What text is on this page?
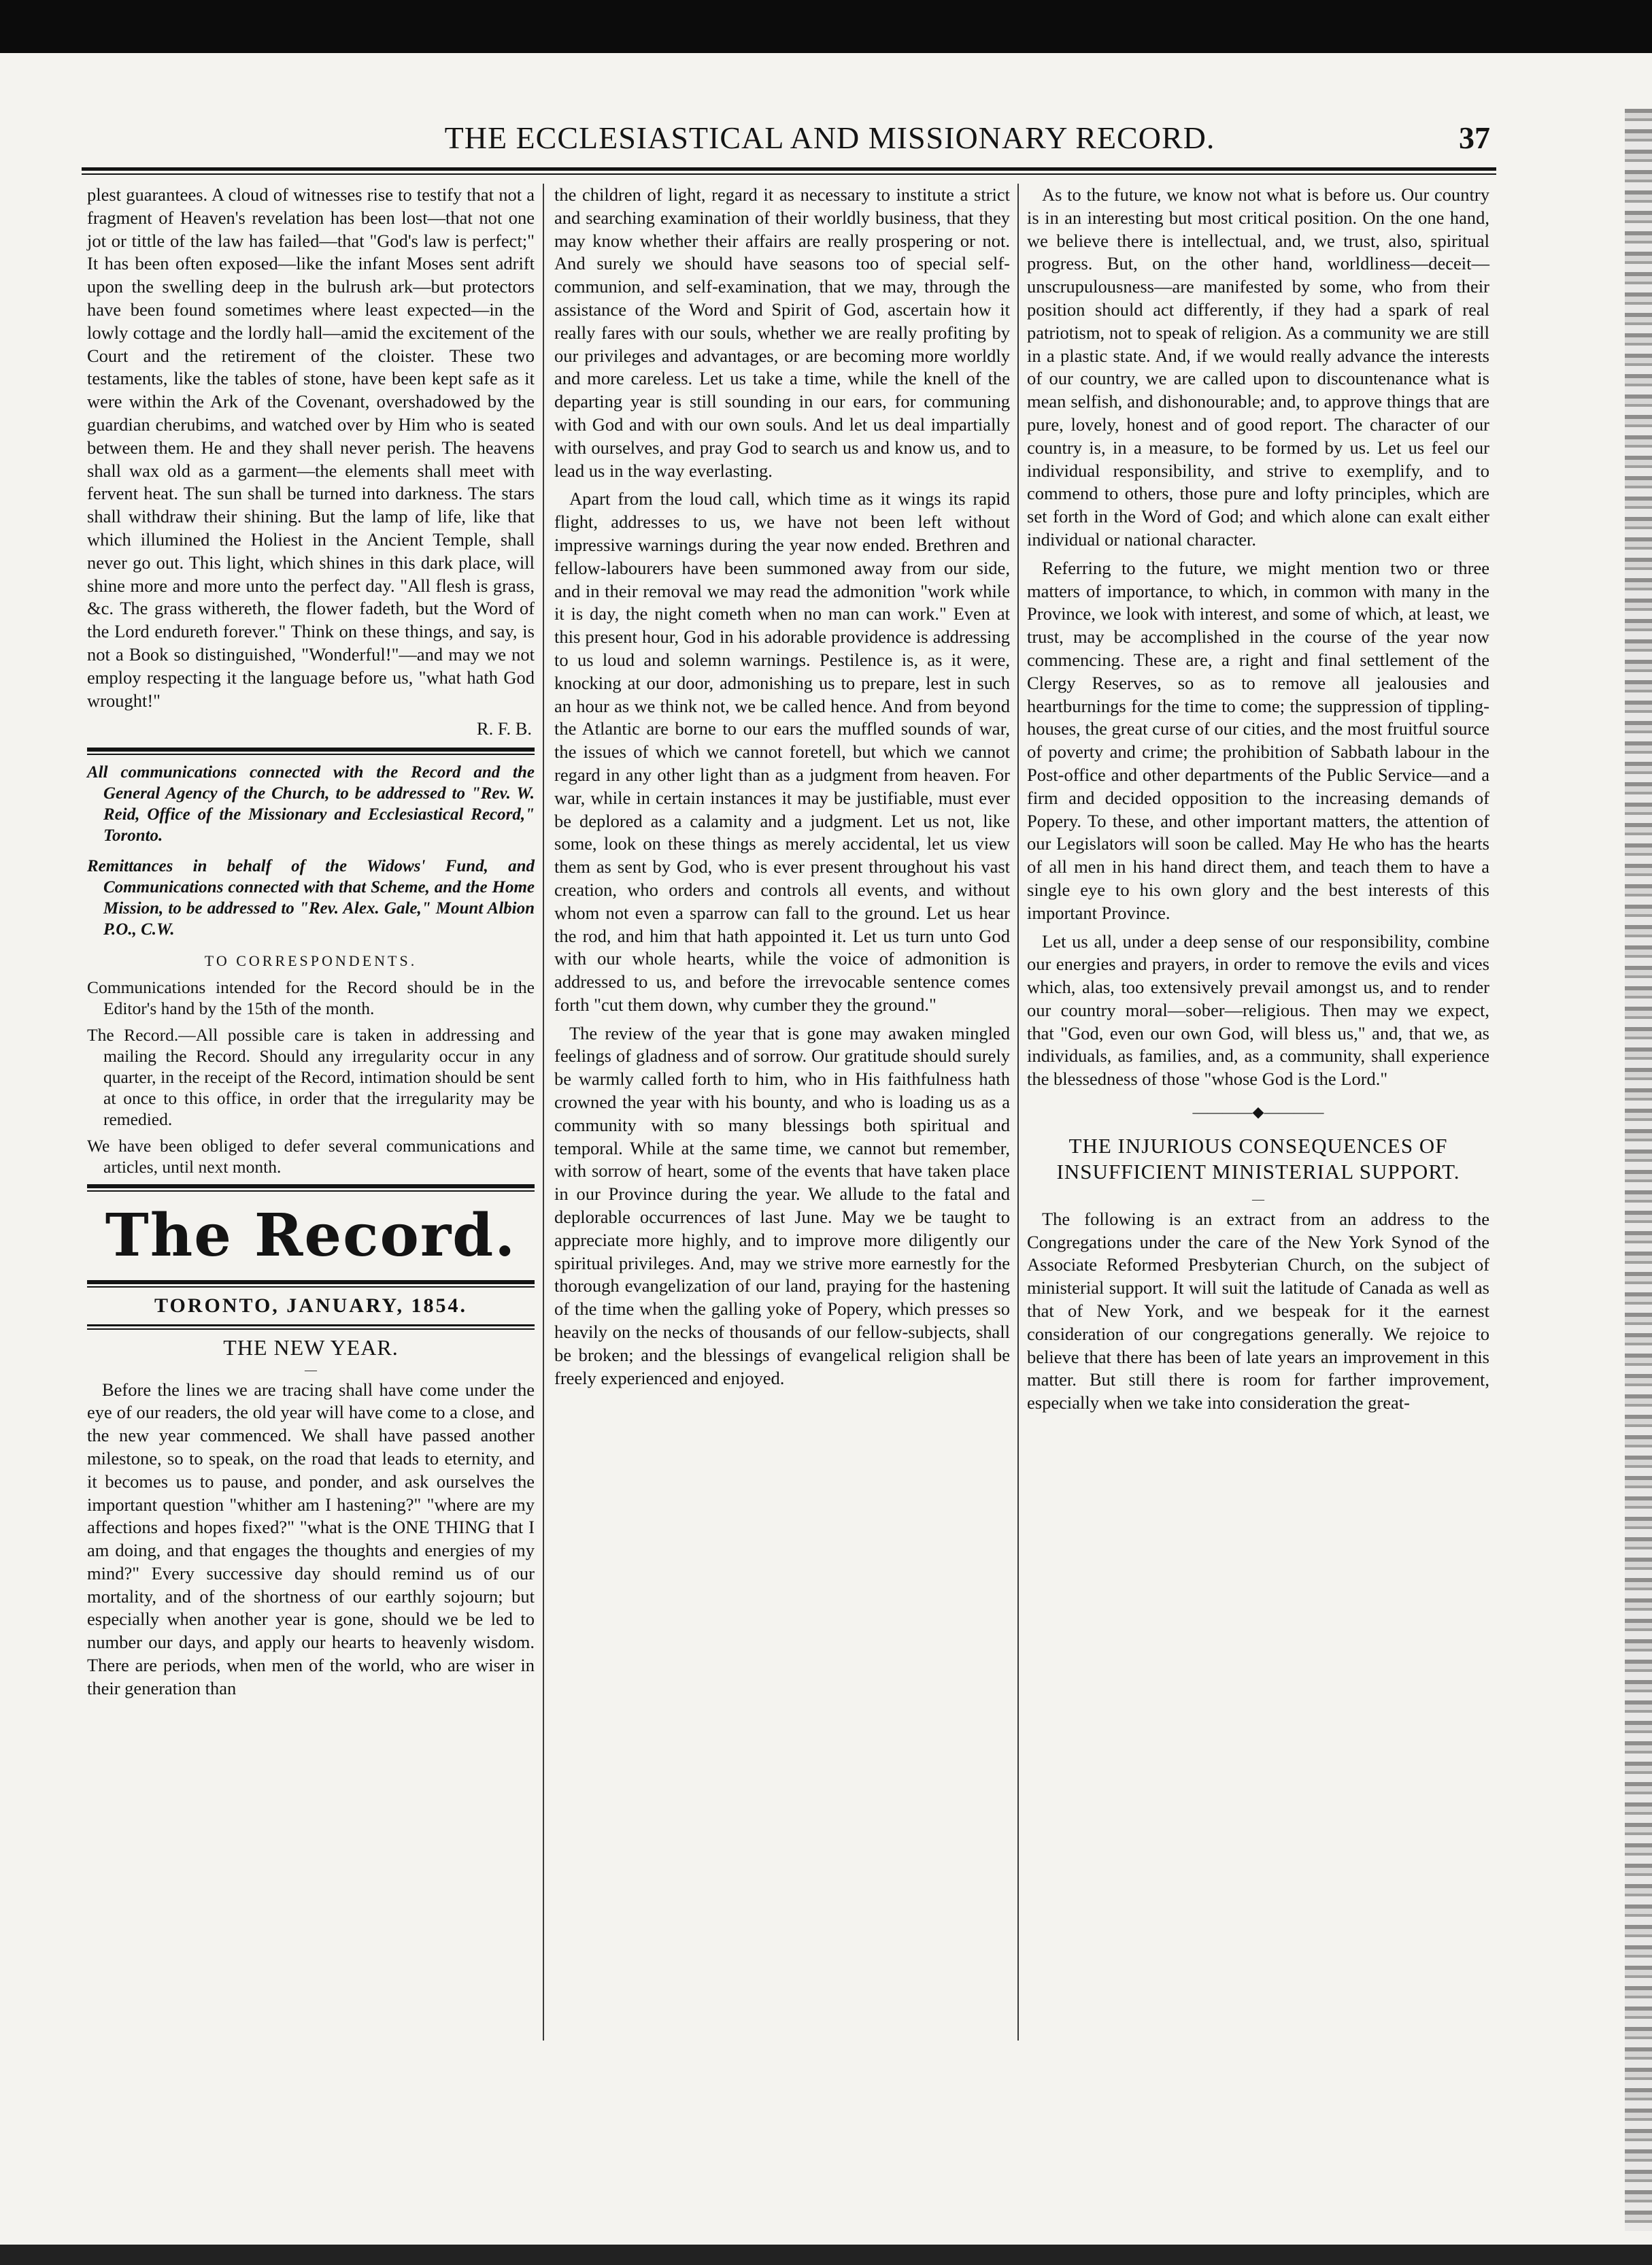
THE ECCLESIASTICAL AND MISSIONARY RECORD.	37

plest guarantees. A cloud of witnesses rise to testify that not a fragment of Heaven's revelation has been lost—that not one jot or tittle of the law has failed—that "God's law is perfect;" It has been often exposed—like the infant Moses sent adrift upon the swelling deep in the bulrush ark—but protectors have been found sometimes where least expected—in the lowly cottage and the lordly hall—amid the excitement of the Court and the retirement of the cloister. These two testaments, like the tables of stone, have been kept safe as it were within the Ark of the Covenant, overshadowed by the guardian cherubims, and watched over by Him who is seated between them. He and they shall never perish. The heavens shall wax old as a garment—the elements shall meet with fervent heat. The sun shall be turned into darkness. The stars shall withdraw their shining. But the lamp of life, like that which illumined the Holiest in the Ancient Temple, shall never go out. This light, which shines in this dark place, will shine more and more unto the perfect day. "All flesh is grass, &c. The grass withereth, the flower fadeth, but the Word of the Lord endureth forever." Think on these things, and say, is not a Book so distinguished, "Wonderful!"—and may we not employ respecting it the language before us, "what hath God wrought!"

R. F. B.
All communications connected with the Record and the General Agency of the Church, to be addressed to "Rev. W. Reid, Office of the Missionary and Ecclesiastical Record," Toronto.
Remittances in behalf of the Widows' Fund, and Communications connected with that Scheme, and the Home Mission, to be addressed to "Rev. Alex. Gale," Mount Albion P.O., C.W.
TO CORRESPONDENTS.
Communications intended for the Record should be in the Editor's hand by the 15th of the month.
The Record.—All possible care is taken in addressing and mailing the Record. Should any irregularity occur in any quarter, in the receipt of the Record, intimation should be sent at once to this office, in order that the irregularity may be remedied.
We have been obliged to defer several communications and articles, until next month.
The Record.
TORONTO, JANUARY, 1854.
THE NEW YEAR.
—

Before the lines we are tracing shall have come under the eye of our readers, the old year will have come to a close, and the new year commenced. We shall have passed another milestone, so to speak, on the road that leads to eternity, and it becomes us to pause, and ponder, and ask ourselves the important question "whither am I hastening?" "where are my affections and hopes fixed?" "what is the ONE THING that I am doing, and that engages the thoughts and energies of my mind?" Every successive day should remind us of our mortality, and of the shortness of our earthly sojourn; but especially when another year is gone, should we be led to number our days, and apply our hearts to heavenly wisdom. There are periods, when men of the world, who are wiser in their generation than

the children of light, regard it as necessary to institute a strict and searching examination of their worldly business, that they may know whether their affairs are really prospering or not. And surely we should have seasons too of special self-communion, and self-examination, that we may, through the assistance of the Word and Spirit of God, ascertain how it really fares with our souls, whether we are really profiting by our privileges and advantages, or are becoming more worldly and more careless. Let us take a time, while the knell of the departing year is still sounding in our ears, for communing with God and with our own souls. And let us deal impartially with ourselves, and pray God to search us and know us, and to lead us in the way everlasting.

Apart from the loud call, which time as it wings its rapid flight, addresses to us, we have not been left without impressive warnings during the year now ended. Brethren and fellow-labourers have been summoned away from our side, and in their removal we may read the admonition "work while it is day, the night cometh when no man can work." Even at this present hour, God in his adorable providence is addressing to us loud and solemn warnings. Pestilence is, as it were, knocking at our door, admonishing us to prepare, lest in such an hour as we think not, we be called hence. And from beyond the Atlantic are borne to our ears the muffled sounds of war, the issues of which we cannot foretell, but which we cannot regard in any other light than as a judgment from heaven. For war, while in certain instances it may be justifiable, must ever be deplored as a calamity and a judgment. Let us not, like some, look on these things as merely accidental, let us view them as sent by God, who is ever present throughout his vast creation, who orders and controls all events, and without whom not even a sparrow can fall to the ground. Let us hear the rod, and him that hath appointed it. Let us turn unto God with our whole hearts, while the voice of admonition is addressed to us, and before the irrevocable sentence comes forth "cut them down, why cumber they the ground."

The review of the year that is gone may awaken mingled feelings of gladness and of sorrow. Our gratitude should surely be warmly called forth to him, who in His faithfulness hath crowned the year with his bounty, and who is loading us as a community with so many blessings both spiritual and temporal. While at the same time, we cannot but remember, with sorrow of heart, some of the events that have taken place in our Province during the year. We allude to the fatal and deplorable occurrences of last June. May we be taught to appreciate more highly, and to improve more diligently our spiritual privileges. And, may we strive more earnestly for the thorough evangelization of our land, praying for the hastening of the time when the galling yoke of Popery, which presses so heavily on the necks of thousands of our fellow-subjects, shall be broken; and the blessings of evangelical religion shall be freely experienced and enjoyed.

As to the future, we know not what is before us. Our country is in an interesting but most critical position. On the one hand, we believe there is intellectual, and, we trust, also, spiritual progress. But, on the other hand, worldliness—deceit—unscrupulousness—are manifested by some, who from their position should act differently, if they had a spark of real patriotism, not to speak of religion. As a community we are still in a plastic state. And, if we would really advance the interests of our country, we are called upon to discountenance what is mean selfish, and dishonourable; and, to approve things that are pure, lovely, honest and of good report. The character of our country is, in a measure, to be formed by us. Let us feel our individual responsibility, and strive to exemplify, and to commend to others, those pure and lofty principles, which are set forth in the Word of God; and which alone can exalt either individual or national character.

Referring to the future, we might mention two or three matters of importance, to which, in common with many in the Province, we look with interest, and some of which, at least, we trust, may be accomplished in the course of the year now commencing. These are, a right and final settlement of the Clergy Reserves, so as to remove all jealousies and heartburnings for the time to come; the suppression of tippling-houses, the great curse of our cities, and the most fruitful source of poverty and crime; the prohibition of Sabbath labour in the Post-office and other departments of the Public Service—and a firm and decided opposition to the increasing demands of Popery. To these, and other important matters, the attention of our Legislators will soon be called. May He who has the hearts of all men in his hand direct them, and teach them to have a single eye to his own glory and the best interests of this important Province.

Let us all, under a deep sense of our responsibility, combine our energies and prayers, in order to remove the evils and vices which, alas, too extensively prevail amongst us, and to render our country moral—sober—religious. Then may we expect, that "God, even our own God, will bless us," and, that we, as individuals, as families, and, as a community, shall experience the blessedness of those "whose God is the Lord."

————◆————
THE INJURIOUS CONSEQUENCES OF INSUFFICIENT MINISTERIAL SUPPORT.
—

The following is an extract from an address to the Congregations under the care of the New York Synod of the Associate Reformed Presbyterian Church, on the subject of ministerial support. It will suit the latitude of Canada as well as that of New York, and we bespeak for it the earnest consideration of our congregations generally. We rejoice to believe that there has been of late years an improvement in this matter. But still there is room for farther improvement, especially when we take into consideration the great-
